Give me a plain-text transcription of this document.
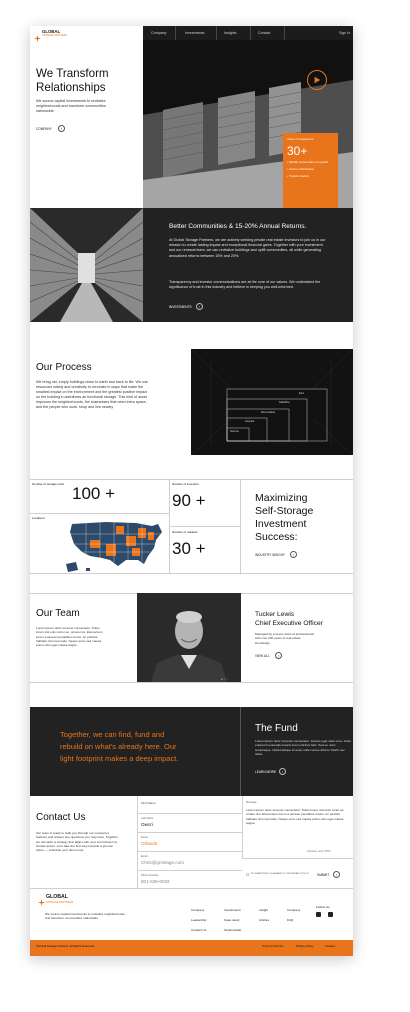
GLOBAL
STORAGE PARTNERS
Company	Investments	Insights	Contact	Sign In
We Transform
Relationships
We source capital investments to revitalize neighborhoods and transform communities nationwide.
COMPANY	›
Years of experience
30+
• Wealth preservation & growth
• Income distribution
• Transformation
Better Communities & 15-20% Annual Returns.
At Global Storage Partners, we are actively seeking private real estate investors to join us in our mission to create lasting impact and exceptional financial gains. Together with your investment and our renewal team, we can revitalize buildings and uplift communities, all while generating annualized returns between 15% and 20%.
Transparency and investor communications are at the core of our values. We understand the significance of trust in this industry and believe in keeping you well-informed.
INVESTMENTS	›
Our Process
We bring old, empty buildings down to earth and back to life. We use resources wisely and creatively to renovate in ways that make the smallest impact on the environment and the greatest positive impact on the building's usefulness as functional storage. This kind of asset improves the neighborhoods, the businesses that need extra space, and the people who work, shop and live nearby.
Exit
Stabilize
Renovation
Acquire
Source
Number of storage units 100 +	Number of investors
90 +
Number of markets
30 +
Locations
Maximizing
Self-Storage
Investment
Success:
INDUSTRY INSIGHT	›
Our Team
Lorem ipsum dolor sit amet consectetur. Tellus lorem nisl enim tortor ac, ornare nisi. Elementum lorem a aenean penatibus metus. Ac porttitor habitant nisl commodo. Neque enim sed massa purus odio eget massa augue.
● ○ ○
Tucker Lewis
Chief Executive Officer
Managed by a seven team of professionals with over 200 years of real estate knowledge.
VIEW ALL	›
Together, we can find, fund and
rebuild on what's already here. Our
light footprint makes a deep impact.
The Fund
Lorem ipsum dolor sit amet consectetur. Cursus eget vitae urna. Justo euismod venenatis mauris lorem ultrices felis. Sed eu nunc scelerisque. Nulla tristique id amet nulla cursus dictum. Morbi nec tellus.
LEARN MORE	›
Contact Us
Our team is ready to walk you through our company's features and answer any questions you may have. Together, we can tailor a strategy that aligns with your commitment to climate action. Let's take the first step towards a greener future — schedule your demo now.
First Name
Last Name
Owcri
Email
Orlando
Email
Chris@gmstage.com
Phone Number
801-636-6032
Message
Lorem ipsum dolor sit amet consectetur. Tellus lorem nisl enim tortor ac, ornare nisi. Elementum lorem a aenean penatibus metus. Ac porttitor habitant nisl commodo. Neque enim sed massa purus odio eget massa augue.
Character count: 0/500
BY SUBMITTING YOU AGREE TO OUR PRIVACY POLICY SUBMIT	›
GLOBAL
STORAGE PARTNERS
We source capital investments to revitalize neighborhoods and transform communities nationwide.
Company
Leadership
Contact Us
Investments
Case study
Testimonials
Insight
Articles
Company
FAQ
Follow Us
©Global Storage Partners. All Rights Reserved.	Terms Of Service	Privacy Policy	Cookies
